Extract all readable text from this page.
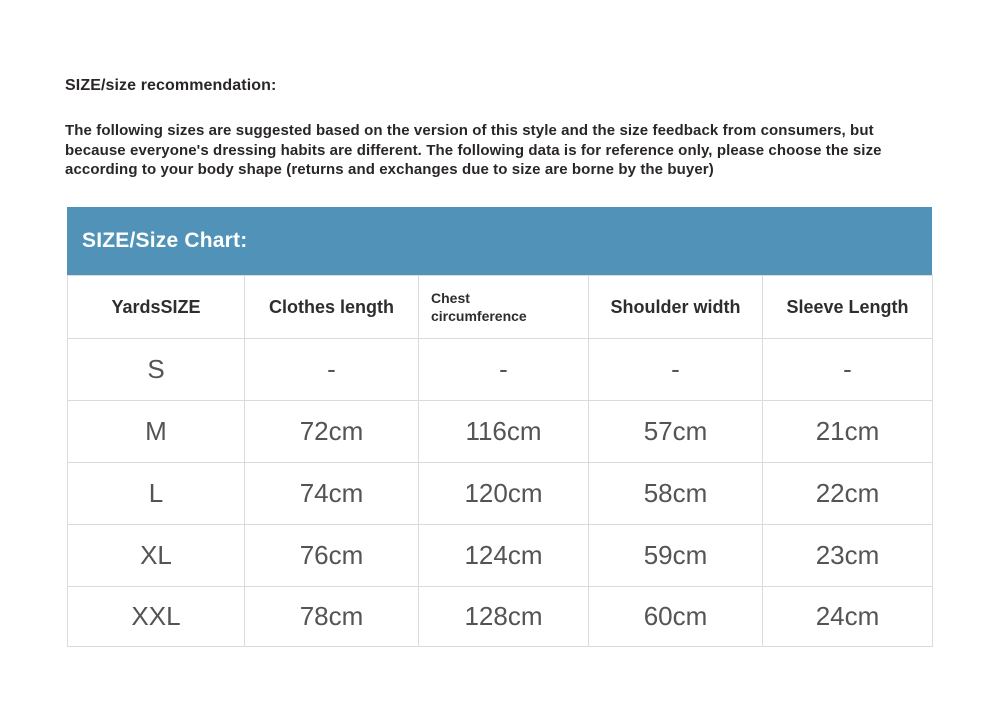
SIZE/size recommendation:
The following sizes are suggested based on the version of this style and the size feedback from consumers, but because everyone's dressing habits are different. The following data is for reference only, please choose the size according to your body shape (returns and exchanges due to size are borne by the buyer)
SIZE/Size Chart:
YardsSIZE	Clothes length	Chest circumference	Shoulder width	Sleeve Length
S	-	-	-	-
M	72cm	116cm	57cm	21cm
L	74cm	120cm	58cm	22cm
XL	76cm	124cm	59cm	23cm
XXL	78cm	128cm	60cm	24cm
